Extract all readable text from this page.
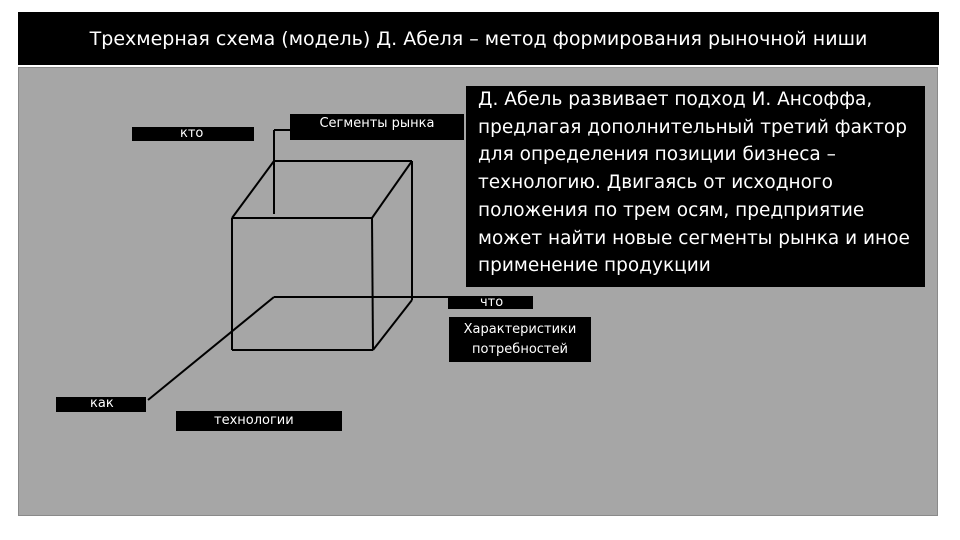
Трехмерная схема (модель) Д. Абеля – метод формирования рыночной ниши
кто
Сегменты рынка
что
Характеристики потребностей
как
технологии
Д. Абель развивает подход И. Ансоффа, предлагая дополнительный третий фактор для определения позиции бизнеса – технологию. Двигаясь от исходного положения по трем осям, предприятие может найти новые сегменты рынка и иное применение продукции
